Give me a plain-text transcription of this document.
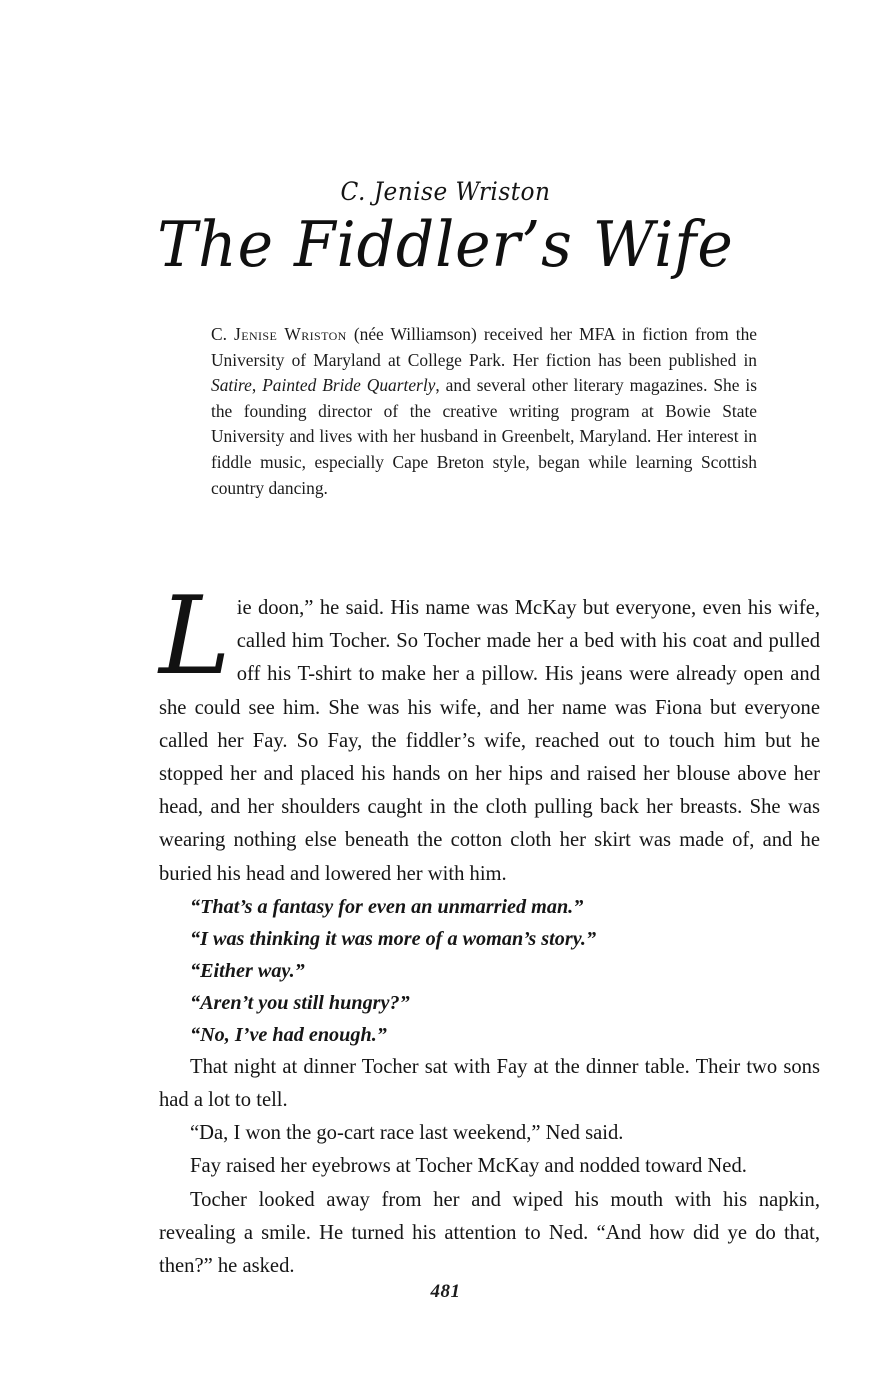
C. Jenise Wriston
The Fiddler’s Wife
C. Jenise Wriston (née Williamson) received her MFA in fiction from the University of Maryland at College Park. Her fiction has been published in Satire, Painted Bride Quarterly, and several other literary magazines. She is the founding director of the creative writing program at Bowie State University and lives with her husband in Greenbelt, Maryland. Her interest in fiddle music, especially Cape Breton style, began while learning Scottish country dancing.
Lie doon,” he said. His name was McKay but everyone, even his wife, called him Tocher. So Tocher made her a bed with his coat and pulled off his T-shirt to make her a pillow. His jeans were already open and she could see him. She was his wife, and her name was Fiona but everyone called her Fay. So Fay, the fiddler’s wife, reached out to touch him but he stopped her and placed his hands on her hips and raised her blouse above her head, and her shoulders caught in the cloth pulling back her breasts. She was wearing nothing else beneath the cotton cloth her skirt was made of, and he buried his head and lowered her with him.
“That’s a fantasy for even an unmarried man.”
“I was thinking it was more of a woman’s story.”
“Either way.”
“Aren’t you still hungry?”
“No, I’ve had enough.”

That night at dinner Tocher sat with Fay at the dinner table. Their two sons had a lot to tell.

“Da, I won the go-cart race last weekend,” Ned said.

Fay raised her eyebrows at Tocher McKay and nodded toward Ned.

Tocher looked away from her and wiped his mouth with his napkin, revealing a smile. He turned his attention to Ned. “And how did ye do that, then?” he asked.

481
